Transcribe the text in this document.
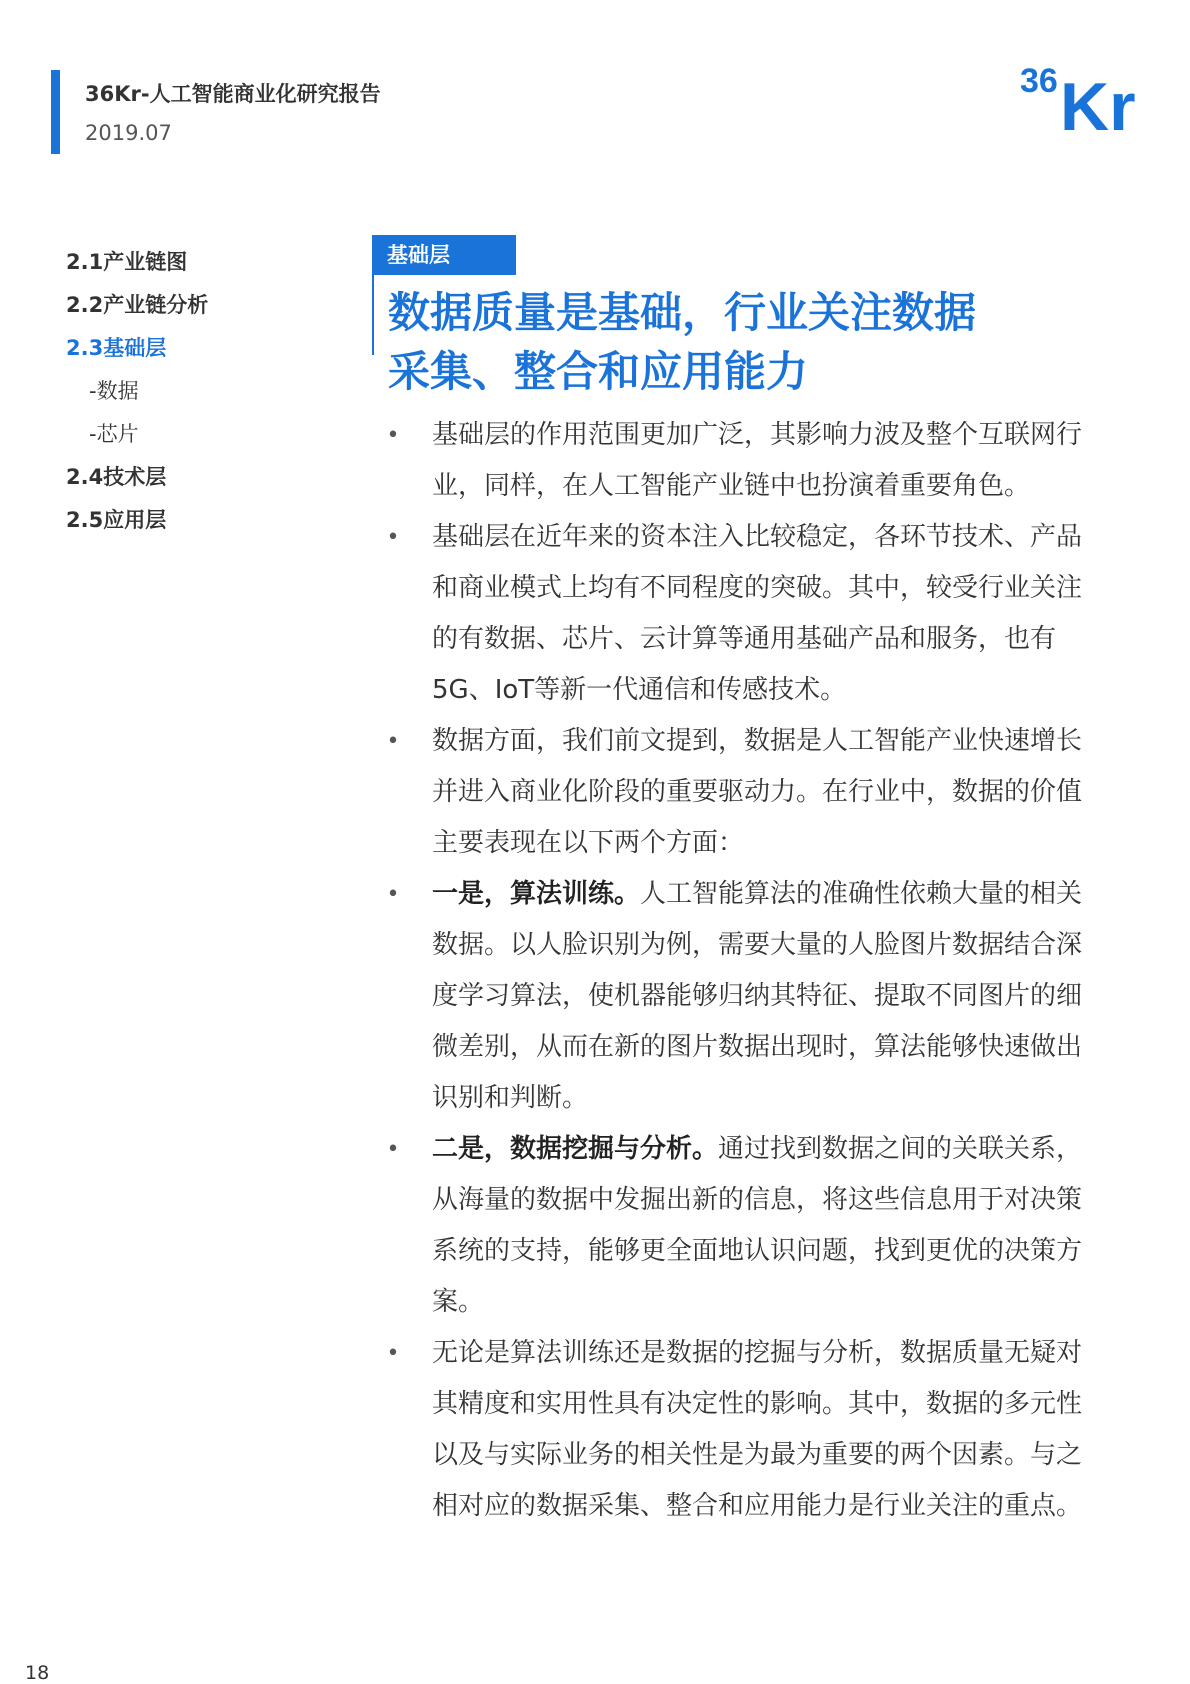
36Kr-人工智能商业化研究报告
2019.07
36 Kr
2.1产业链图
2.2产业链分析
2.3基础层
-数据
-芯片
2.4技术层
2.5应用层
基础层
数据质量是基础，行业关注数据
采集、整合和应用能力
• 基础层的作用范围更加广泛，其影响力波及整个互联网行业，同样，在人工智能产业链中也扮演着重要角色。
• 基础层在近年来的资本注入比较稳定，各环节技术、产品和商业模式上均有不同程度的突破。其中，较受行业关注的有数据、芯片、云计算等通用基础产品和服务，也有5G、IoT等新一代通信和传感技术。
• 数据方面，我们前文提到，数据是人工智能产业快速增长并进入商业化阶段的重要驱动力。在行业中，数据的价值主要表现在以下两个方面：
• 一是，算法训练。人工智能算法的准确性依赖大量的相关数据。以人脸识别为例，需要大量的人脸图片数据结合深度学习算法，使机器能够归纳其特征、提取不同图片的细微差别，从而在新的图片数据出现时，算法能够快速做出识别和判断。
• 二是，数据挖掘与分析。通过找到数据之间的关联关系，从海量的数据中发掘出新的信息，将这些信息用于对决策系统的支持，能够更全面地认识问题，找到更优的决策方案。
• 无论是算法训练还是数据的挖掘与分析，数据质量无疑对其精度和实用性具有决定性的影响。其中，数据的多元性以及与实际业务的相关性是为最为重要的两个因素。与之相对应的数据采集、整合和应用能力是行业关注的重点。
18
